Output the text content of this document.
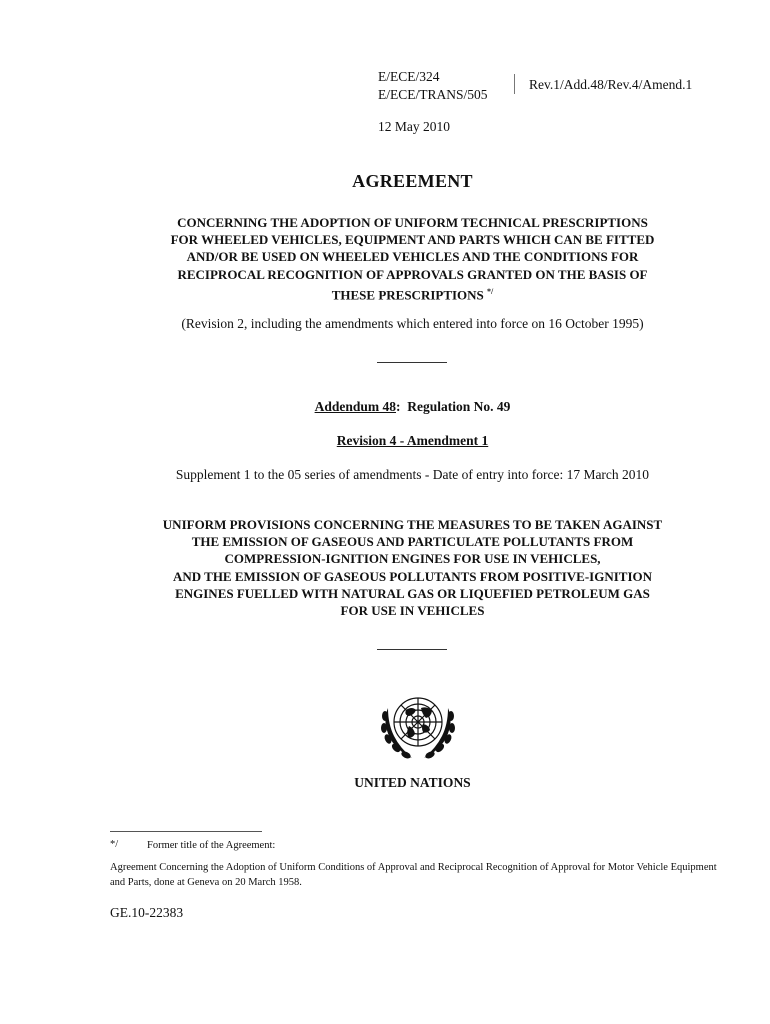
E/ECE/324
E/ECE/TRANS/505
Rev.1/Add.48/Rev.4/Amend.1
12 May 2010
AGREEMENT
CONCERNING THE ADOPTION OF UNIFORM TECHNICAL PRESCRIPTIONS
FOR WHEELED VEHICLES, EQUIPMENT AND PARTS WHICH CAN BE FITTED
AND/OR BE USED ON WHEELED VEHICLES AND THE CONDITIONS FOR
RECIPROCAL RECOGNITION OF APPROVALS GRANTED ON THE BASIS OF
THESE PRESCRIPTIONS */
(Revision 2, including the amendments which entered into force on 16 October 1995)
Addendum 48: Regulation No. 49
Revision 4 - Amendment 1
Supplement 1 to the 05 series of amendments - Date of entry into force: 17 March 2010
UNIFORM PROVISIONS CONCERNING THE MEASURES TO BE TAKEN AGAINST
THE EMISSION OF GASEOUS AND PARTICULATE POLLUTANTS FROM
COMPRESSION-IGNITION ENGINES FOR USE IN VEHICLES,
AND THE EMISSION OF GASEOUS POLLUTANTS FROM POSITIVE-IGNITION
ENGINES FUELLED WITH NATURAL GAS OR LIQUEFIED PETROLEUM GAS
FOR USE IN VEHICLES
UNITED NATIONS
*/	Former title of the Agreement:
Agreement Concerning the Adoption of Uniform Conditions of Approval and Reciprocal Recognition of Approval for Motor Vehicle Equipment and Parts, done at Geneva on 20 March 1958.
GE.10-22383
